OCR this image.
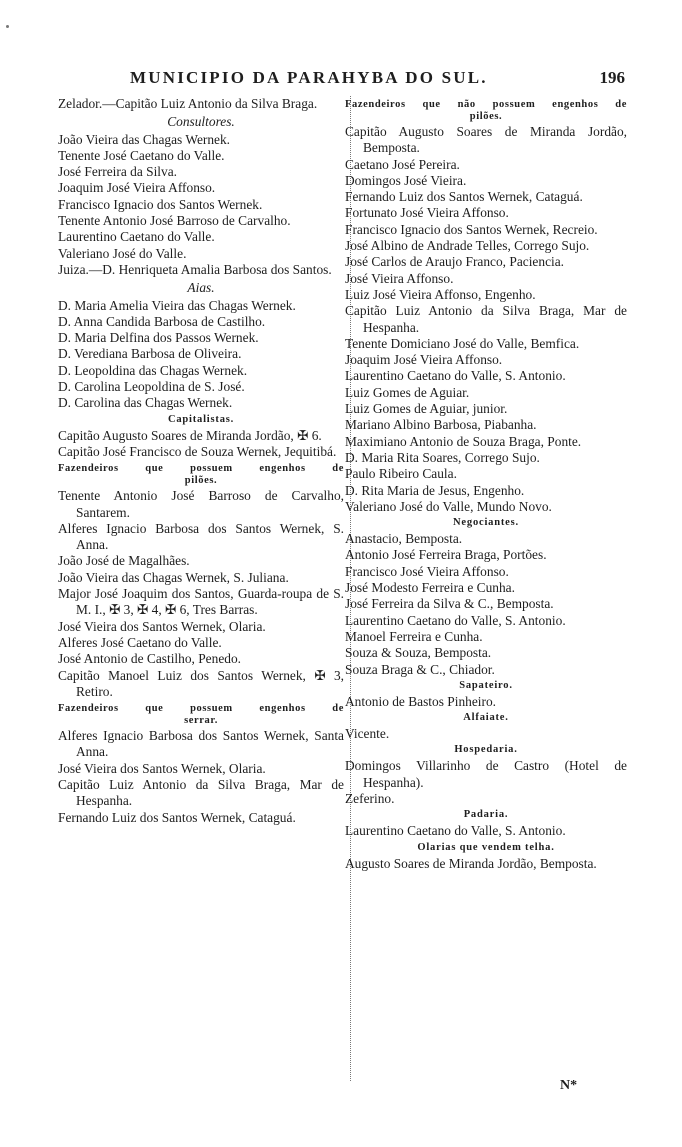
MUNICIPIO DA PARAHYBA DO SUL.	196
Zelador.—Capitão Luiz Antonio da Silva Braga.
Consultores.
João Vieira das Chagas Wernek.
Tenente José Caetano do Valle.
José Ferreira da Silva.
Joaquim José Vieira Affonso.
Francisco Ignacio dos Santos Wernek.
Tenente Antonio José Barroso de Carvalho.
Laurentino Caetano do Valle.
Valeriano José do Valle.
Juiza.—D. Henriqueta Amalia Barbosa dos Santos.
Aias.
D. Maria Amelia Vieira das Chagas Wernek.
D. Anna Candida Barbosa de Castilho.
D. Maria Delfina dos Passos Wernek.
D. Verediana Barbosa de Oliveira.
D. Leopoldina das Chagas Wernek.
D. Carolina Leopoldina de S. José.
D. Carolina das Chagas Wernek.
Capitalistas.
Capitão Augusto Soares de Miranda Jordão, ✠ 6.
Capitão José Francisco de Souza Wernek, Jequitibá.
Fazendeiros que possuem engenhos de
pilões.
Tenente Antonio José Barroso de Carvalho, Santarem.
Alferes Ignacio Barbosa dos Santos Wernek, S. Anna.
João José de Magalhães.
João Vieira das Chagas Wernek, S. Juliana.
Major José Joaquim dos Santos, Guarda-roupa de S. M. I., ✠ 3, ✠ 4, ✠ 6, Tres Barras.
José Vieira dos Santos Wernek, Olaria.
Alferes José Caetano do Valle.
José Antonio de Castilho, Penedo.
Capitão Manoel Luiz dos Santos Wernek, ✠ 3, Retiro.
Fazendeiros que possuem engenhos de
serrar.
Alferes Ignacio Barbosa dos Santos Wernek, Santa Anna.
José Vieira dos Santos Wernek, Olaria.
Capitão Luiz Antonio da Silva Braga, Mar de Hespanha.
Fernando Luiz dos Santos Wernek, Cataguá.
Fazendeiros que não possuem engenhos de
pilões.
Capitão Augusto Soares de Miranda Jordão, Bemposta.
Caetano José Pereira.
Domingos José Vieira.
Fernando Luiz dos Santos Wernek, Cataguá.
Fortunato José Vieira Affonso.
Francisco Ignacio dos Santos Wernek, Recreio.
José Albino de Andrade Telles, Corrego Sujo.
José Carlos de Araujo Franco, Paciencia.
José Vieira Affonso.
Luiz José Vieira Affonso, Engenho.
Capitão Luiz Antonio da Silva Braga, Mar de Hespanha.
Tenente Domiciano José do Valle, Bemfica.
Joaquim José Vieira Affonso.
Laurentino Caetano do Valle, S. Antonio.
Luiz Gomes de Aguiar.
Luiz Gomes de Aguiar, junior.
Mariano Albino Barbosa, Piabanha.
Maximiano Antonio de Souza Braga, Ponte.
D. Maria Rita Soares, Corrego Sujo.
Paulo Ribeiro Caula.
D. Rita Maria de Jesus, Engenho.
Valeriano José do Valle, Mundo Novo.
Negociantes.
Anastacio, Bemposta.
Antonio José Ferreira Braga, Portões.
Francisco José Vieira Affonso.
José Modesto Ferreira e Cunha.
José Ferreira da Silva & C., Bemposta.
Laurentino Caetano do Valle, S. Antonio.
Manoel Ferreira e Cunha.
Souza & Souza, Bemposta.
Souza Braga & C., Chiador.
Sapateiro.
Antonio de Bastos Pinheiro.
Alfaiate.
Vicente.
Hospedaria.
Domingos Villarinho de Castro (Hotel de Hespanha).
Zeferino.
Padaria.
Laurentino Caetano do Valle, S. Antonio.
Olarias que vendem telha.
Augusto Soares de Miranda Jordão, Bemposta.
N*
